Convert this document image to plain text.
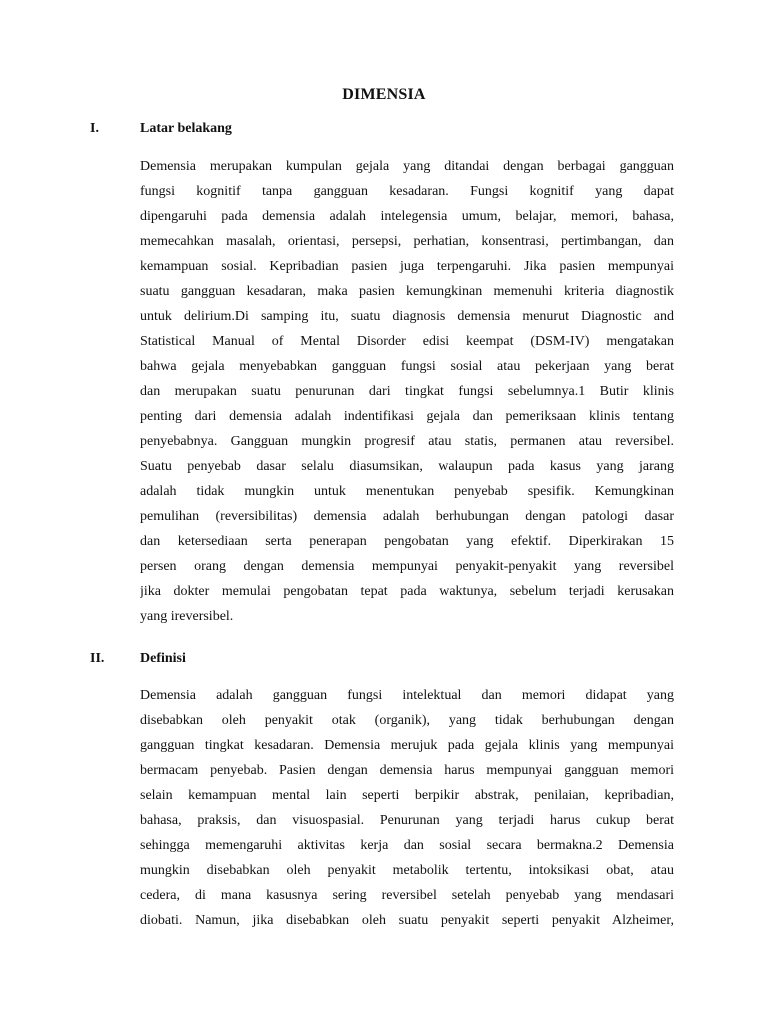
DIMENSIA
I.	Latar belakang
Demensia merupakan kumpulan gejala yang ditandai dengan berbagai gangguan
fungsi kognitif tanpa gangguan kesadaran. Fungsi kognitif yang dapat
dipengaruhi pada demensia adalah intelegensia umum, belajar, memori, bahasa,
memecahkan masalah, orientasi, persepsi, perhatian, konsentrasi, pertimbangan, dan
kemampuan sosial. Kepribadian pasien juga terpengaruhi. Jika pasien mempunyai
suatu gangguan kesadaran, maka pasien kemungkinan memenuhi kriteria diagnostik
untuk delirium.Di samping itu, suatu diagnosis demensia menurut Diagnostic and
Statistical Manual of Mental Disorder edisi keempat (DSM-IV) mengatakan
bahwa gejala menyebabkan gangguan fungsi sosial atau pekerjaan yang berat
dan merupakan suatu penurunan dari tingkat fungsi sebelumnya.1 Butir klinis
penting dari demensia adalah indentifikasi gejala dan pemeriksaan klinis tentang
penyebabnya. Gangguan mungkin progresif atau statis, permanen atau reversibel.
Suatu penyebab dasar selalu diasumsikan, walaupun pada kasus yang jarang
adalah tidak mungkin untuk menentukan penyebab spesifik. Kemungkinan
pemulihan (reversibilitas) demensia adalah berhubungan dengan patologi dasar
dan ketersediaan serta penerapan pengobatan yang efektif. Diperkirakan 15
persen orang dengan demensia mempunyai penyakit-penyakit yang reversibel
jika dokter memulai pengobatan tepat pada waktunya, sebelum terjadi kerusakan
yang ireversibel.
II.	Definisi
Demensia adalah gangguan fungsi intelektual dan memori didapat yang
disebabkan oleh penyakit otak (organik), yang tidak berhubungan dengan
gangguan tingkat kesadaran. Demensia merujuk pada gejala klinis yang mempunyai
bermacam penyebab. Pasien dengan demensia harus mempunyai gangguan memori
selain kemampuan mental lain seperti berpikir abstrak, penilaian, kepribadian,
bahasa, praksis, dan visuospasial. Penurunan yang terjadi harus cukup berat
sehingga memengaruhi aktivitas kerja dan sosial secara bermakna.2 Demensia
mungkin disebabkan oleh penyakit metabolik tertentu, intoksikasi obat, atau
cedera, di mana kasusnya sering reversibel setelah penyebab yang mendasari
diobati. Namun, jika disebabkan oleh suatu penyakit seperti penyakit Alzheimer,
